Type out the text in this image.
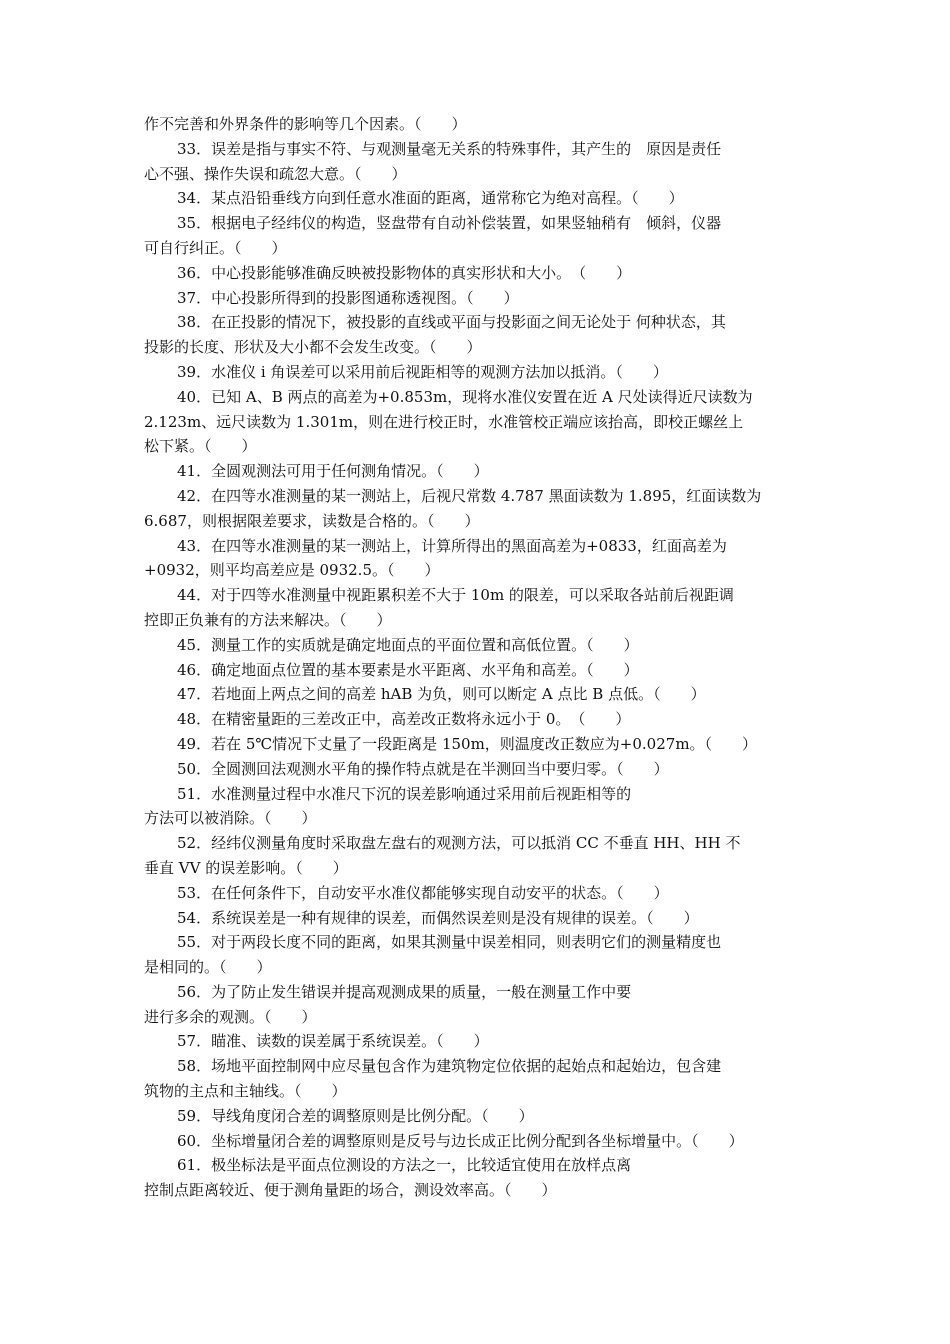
作不完善和外界条件的影响等几个因素。（　　）
33．误差是指与事实不符、与观测量毫无关系的特殊事件，其产生的　原因是责任
心不强、操作失误和疏忽大意。（　　）
34．某点沿铅垂线方向到任意水准面的距离，通常称它为绝对高程。（　　）
35．根据电子经纬仪的构造，竖盘带有自动补偿装置，如果竖轴稍有　倾斜，仪器
可自行纠正。（　　）
36．中心投影能够准确反映被投影物体的真实形状和大小。　（　　）
37．中心投影所得到的投影图通称透视图。（　　）
38．在正投影的情况下，被投影的直线或平面与投影面之间无论处于 何种状态，其
投影的长度、形状及大小都不会发生改变。（　　）
39．水准仪 i 角误差可以采用前后视距相等的观测方法加以抵消。（　　）
40．已知 A、B 两点的高差为+0.853m，现将水准仪安置在近 A 尺处读得近尺读数为
2.123m、远尺读数为 1.301m，则在进行校正时，水准管校正端应该抬高，即校正螺丝上
松下紧。（　　）
41．全圆观测法可用于任何测角情况。（　　）
42．在四等水准测量的某一测站上，后视尺常数 4.787 黑面读数为 1.895，红面读数为
6.687，则根据限差要求，读数是合格的。（　　）
43．在四等水准测量的某一测站上，计算所得出的黑面高差为+0833，红面高差为
+0932，则平均高差应是 0932.5。（　　）
44．对于四等水准测量中视距累积差不大于 10m 的限差，可以采取各站前后视距调
控即正负兼有的方法来解决。（　　）
45．测量工作的实质就是确定地面点的平面位置和高低位置。（　　）
46．确定地面点位置的基本要素是水平距离、水平角和高差。（　　）
47．若地面上两点之间的高差 hAB 为负，则可以断定 A 点比 B 点低。（　　）
48．在精密量距的三差改正中，高差改正数将永远小于 0。　（　　）
49．若在 5℃情况下丈量了一段距离是 150m，则温度改正数应为+0.027m。（　　）
50．全圆测回法观测水平角的操作特点就是在半测回当中要归零。（　　）
51．水准测量过程中水准尺下沉的误差影响通过采用前后视距相等的
方法可以被消除。（　　）
52．经纬仪测量角度时采取盘左盘右的观测方法，可以抵消 CC 不垂直 HH、HH 不
垂直 VV 的误差影响。（　　）
53．在任何条件下，自动安平水准仪都能够实现自动安平的状态。（　　）
54．系统误差是一种有规律的误差，而偶然误差则是没有规律的误差。（　　）
55．对于两段长度不同的距离，如果其测量中误差相同，则表明它们的测量精度也
是相同的。（　　）
56．为了防止发生错误并提高观测成果的质量，一般在测量工作中要
进行多余的观测。（　　）
57．瞄准、读数的误差属于系统误差。（　　）
58．场地平面控制网中应尽量包含作为建筑物定位依据的起始点和起始边，包含建
筑物的主点和主轴线。（　　）
59．导线角度闭合差的调整原则是比例分配。（　　）
60．坐标增量闭合差的调整原则是反号与边长成正比例分配到各坐标增量中。（　　）
61．极坐标法是平面点位测设的方法之一，比较适宜使用在放样点离
控制点距离较近、便于测角量距的场合，测设效率高。（　　）
